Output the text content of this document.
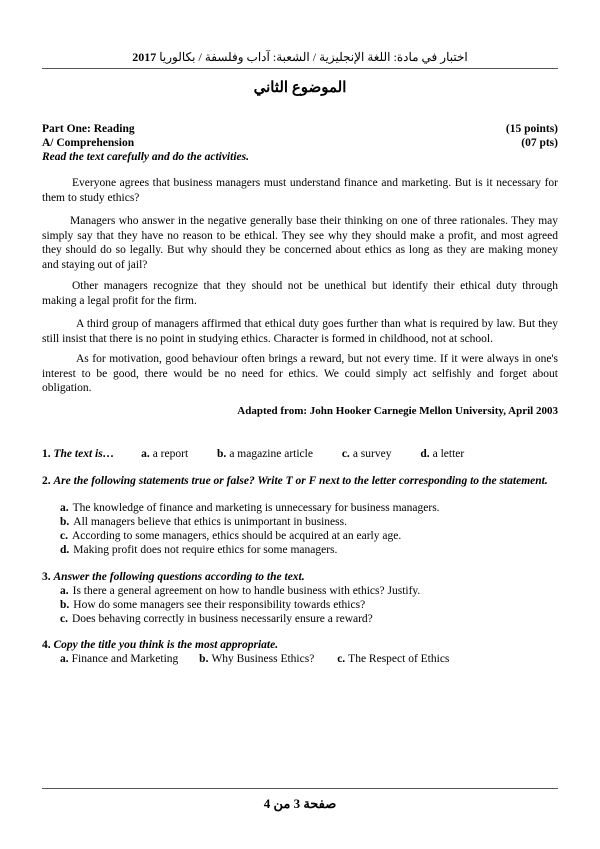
اختبار في مادة: اللغة الإنجليزية / الشعبة: آداب وفلسفة / بكالوريا 2017
الموضوع الثاني
Part One: Reading	(15 points)
A/ Comprehension	(07 pts)
Read the text carefully and do the activities.
Everyone agrees that business managers must understand finance and marketing. But is it necessary for them to study ethics?
Managers who answer in the negative generally base their thinking on one of three rationales. They may simply say that they have no reason to be ethical. They see why they should make a profit, and most agreed they should do so legally. But why should they be concerned about ethics as long as they are making money and staying out of jail?
Other managers recognize that they should not be unethical but identify their ethical duty through making a legal profit for the firm.
A third group of managers affirmed that ethical duty goes further than what is required by law. But they still insist that there is no point in studying ethics. Character is formed in childhood, not at school.
As for motivation, good behaviour often brings a reward, but not every time. If it were always in one's interest to be good, there would be no need for ethics. We could simply act selfishly and forget about obligation.
Adapted from: John Hooker Carnegie Mellon University, April 2003
1. The text is… a. a report	b. a magazine article	c. a survey	d. a letter
2. Are the following statements true or false? Write T or F next to the letter corresponding to the statement.
a. The knowledge of finance and marketing is unnecessary for business managers.
b. All managers believe that ethics is unimportant in business.
c. According to some managers, ethics should be acquired at an early age.
d. Making profit does not require ethics for some managers.
3. Answer the following questions according to the text.
a. Is there a general agreement on how to handle business with ethics? Justify.
b. How do some managers see their responsibility towards ethics?
c. Does behaving correctly in business necessarily ensure a reward?
4. Copy the title you think is the most appropriate.
a. Finance and Marketing b. Why Business Ethics? c. The Respect of Ethics
صفحة 3 من 4
